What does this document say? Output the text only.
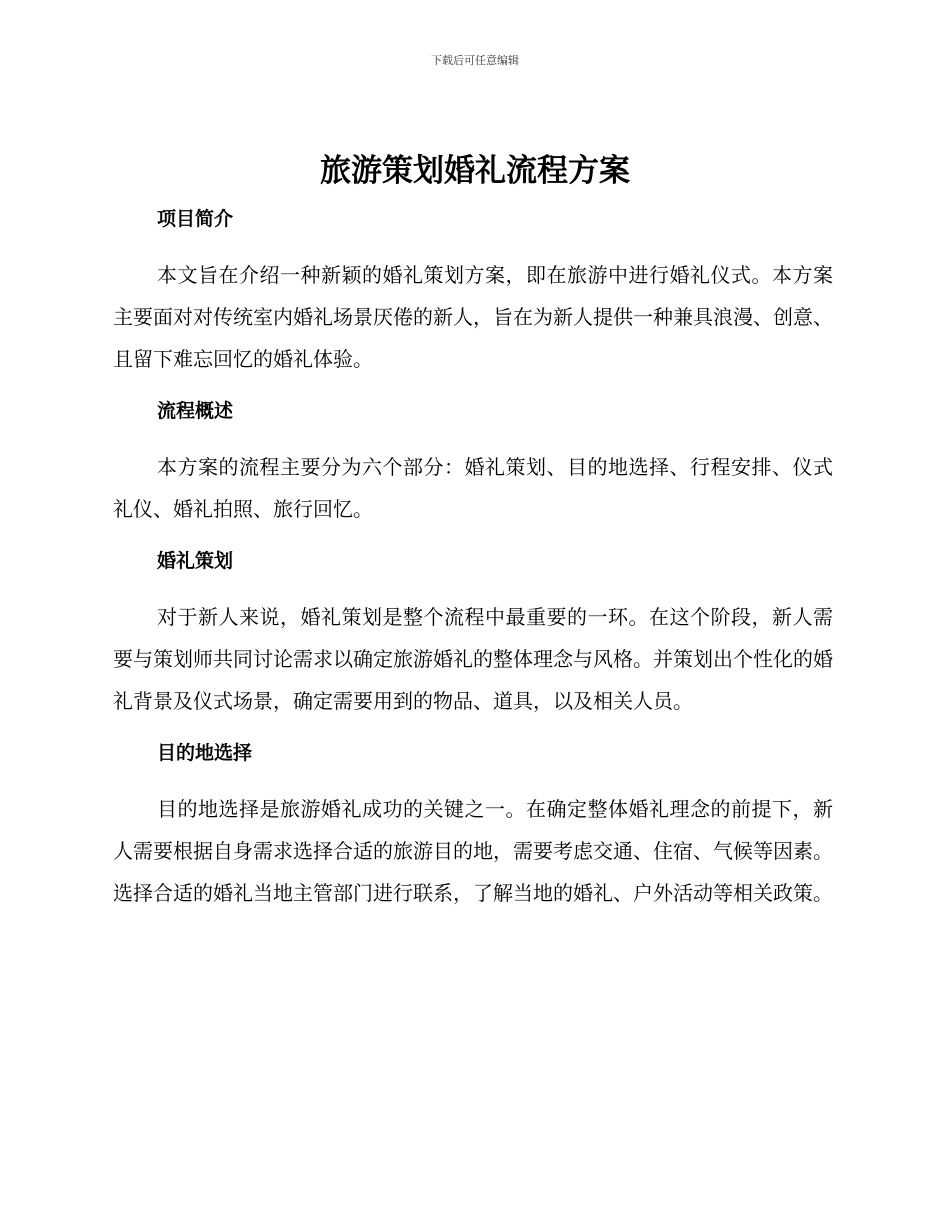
下载后可任意编辑
旅游策划婚礼流程方案
项目简介

本文旨在介绍一种新颖的婚礼策划方案，即在旅游中进行婚礼仪式。本方案主要面对对传统室内婚礼场景厌倦的新人，旨在为新人提供一种兼具浪漫、创意、且留下难忘回忆的婚礼体验。

流程概述

本方案的流程主要分为六个部分：婚礼策划、目的地选择、行程安排、仪式礼仪、婚礼拍照、旅行回忆。

婚礼策划

对于新人来说，婚礼策划是整个流程中最重要的一环。在这个阶段，新人需要与策划师共同讨论需求以确定旅游婚礼的整体理念与风格。并策划出个性化的婚礼背景及仪式场景，确定需要用到的物品、道具，以及相关人员。

目的地选择

目的地选择是旅游婚礼成功的关键之一。在确定整体婚礼理念的前提下，新人需要根据自身需求选择合适的旅游目的地，需要考虑交通、住宿、气候等因素。选择合适的婚礼当地主管部门进行联系，了解当地的婚礼、户外活动等相关政策。
